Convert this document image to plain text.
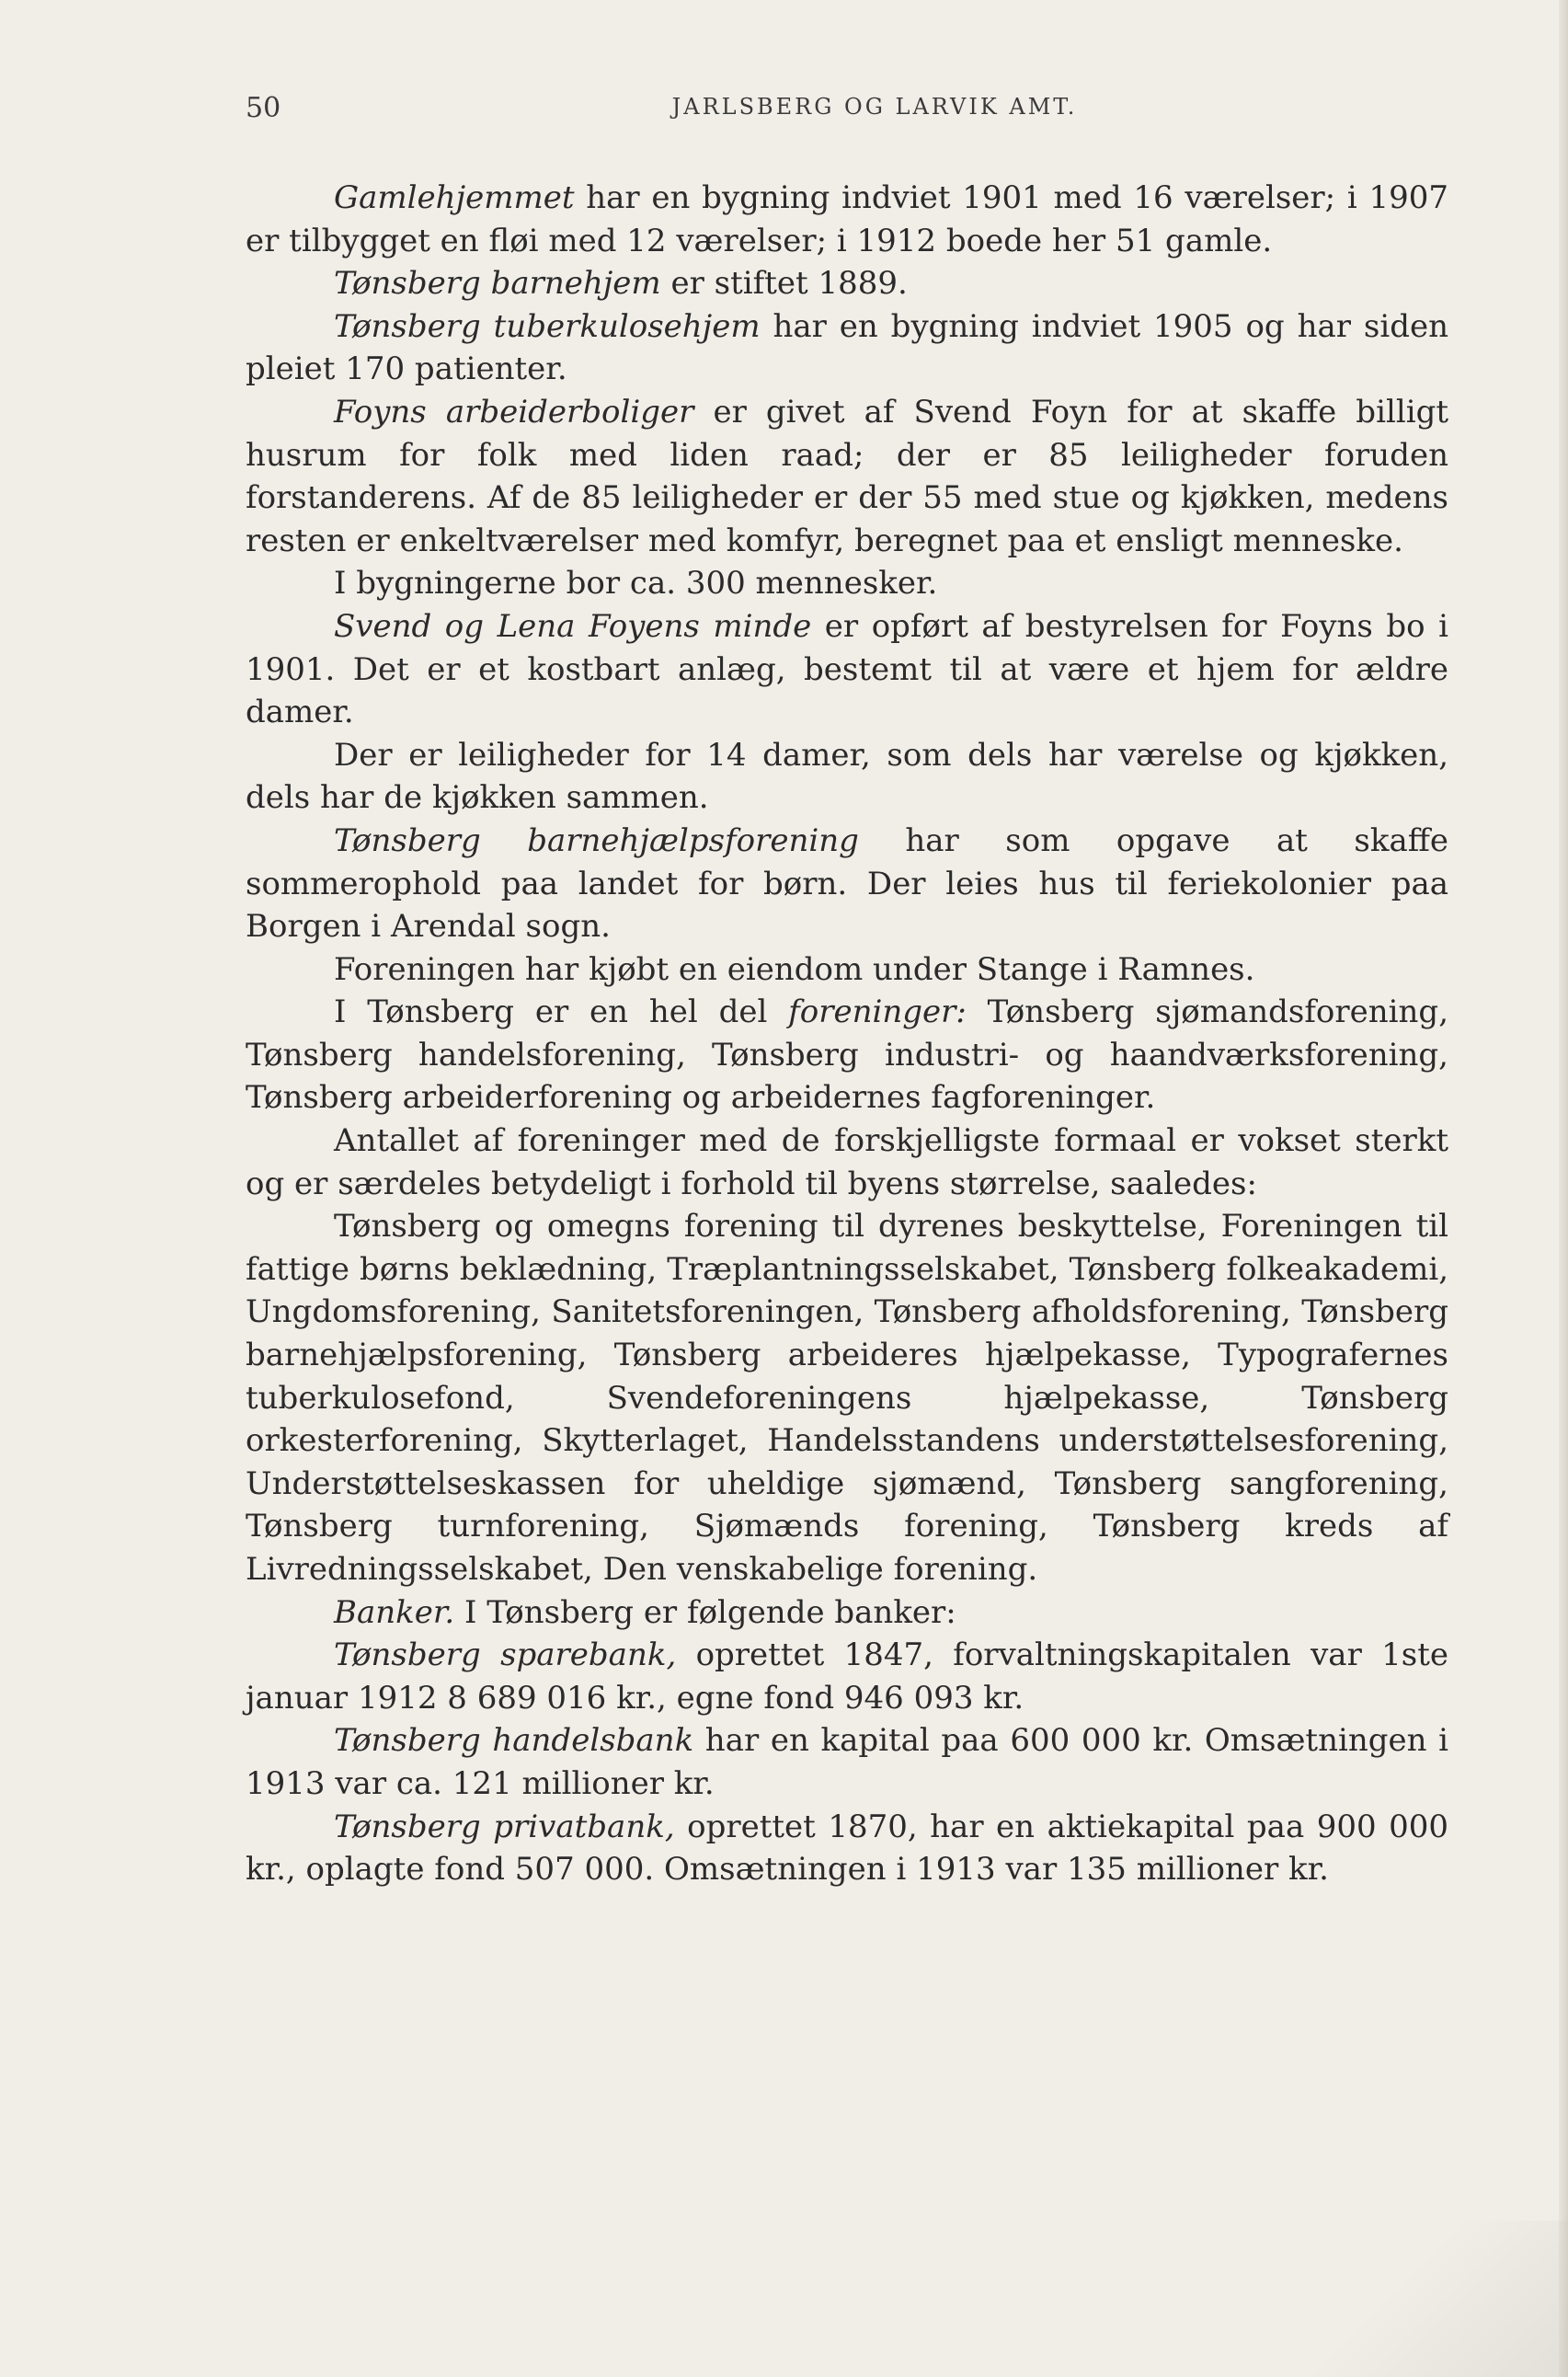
50	JARLSBERG OG LARVIK AMT.

Gamlehjemmet har en bygning indviet 1901 med 16 værelser; i 1907 er tilbygget en fløi med 12 værelser; i 1912 boede her 51 gamle.

Tønsberg barnehjem er stiftet 1889.

Tønsberg tuberkulosehjem har en bygning indviet 1905 og har siden pleiet 170 patienter.

Foyns arbeiderboliger er givet af Svend Foyn for at skaffe billigt husrum for folk med liden raad; der er 85 leiligheder foruden forstanderens. Af de 85 leiligheder er der 55 med stue og kjøkken, medens resten er enkeltværelser med komfyr, beregnet paa et ensligt menneske.

I bygningerne bor ca. 300 mennesker.

Svend og Lena Foyens minde er opført af bestyrelsen for Foyns bo i 1901. Det er et kostbart anlæg, bestemt til at være et hjem for ældre damer.

Der er leiligheder for 14 damer, som dels har værelse og kjøkken, dels har de kjøkken sammen.

Tønsberg barnehjælpsforening har som opgave at skaffe sommerophold paa landet for børn. Der leies hus til feriekolonier paa Borgen i Arendal sogn.

Foreningen har kjøbt en eiendom under Stange i Ramnes.

I Tønsberg er en hel del foreninger: Tønsberg sjømandsforening, Tønsberg handelsforening, Tønsberg industri- og haandværksforening, Tønsberg arbeiderforening og arbeidernes fagforeninger.

Antallet af foreninger med de forskjelligste formaal er vokset sterkt og er særdeles betydeligt i forhold til byens størrelse, saaledes:

Tønsberg og omegns forening til dyrenes beskyttelse, Foreningen til fattige børns beklædning, Træplantningsselskabet, Tønsberg folkeakademi, Ungdomsforening, Sanitetsforeningen, Tønsberg afholdsforening, Tønsberg barnehjælpsforening, Tønsberg arbeideres hjælpekasse, Typografernes tuberkulosefond, Svendeforeningens hjælpekasse, Tønsberg orkesterforening, Skytterlaget, Handelsstandens understøttelsesforening, Understøttelseskassen for uheldige sjømænd, Tønsberg sangforening, Tønsberg turnforening, Sjømænds forening, Tønsberg kreds af Livredningsselskabet, Den venskabelige forening.

Banker. I Tønsberg er følgende banker:

Tønsberg sparebank, oprettet 1847, forvaltningskapitalen var 1ste januar 1912 8 689 016 kr., egne fond 946 093 kr.

Tønsberg handelsbank har en kapital paa 600 000 kr. Omsætningen i 1913 var ca. 121 millioner kr.

Tønsberg privatbank, oprettet 1870, har en aktiekapital paa 900 000 kr., oplagte fond 507 000. Omsætningen i 1913 var 135 millioner kr.
